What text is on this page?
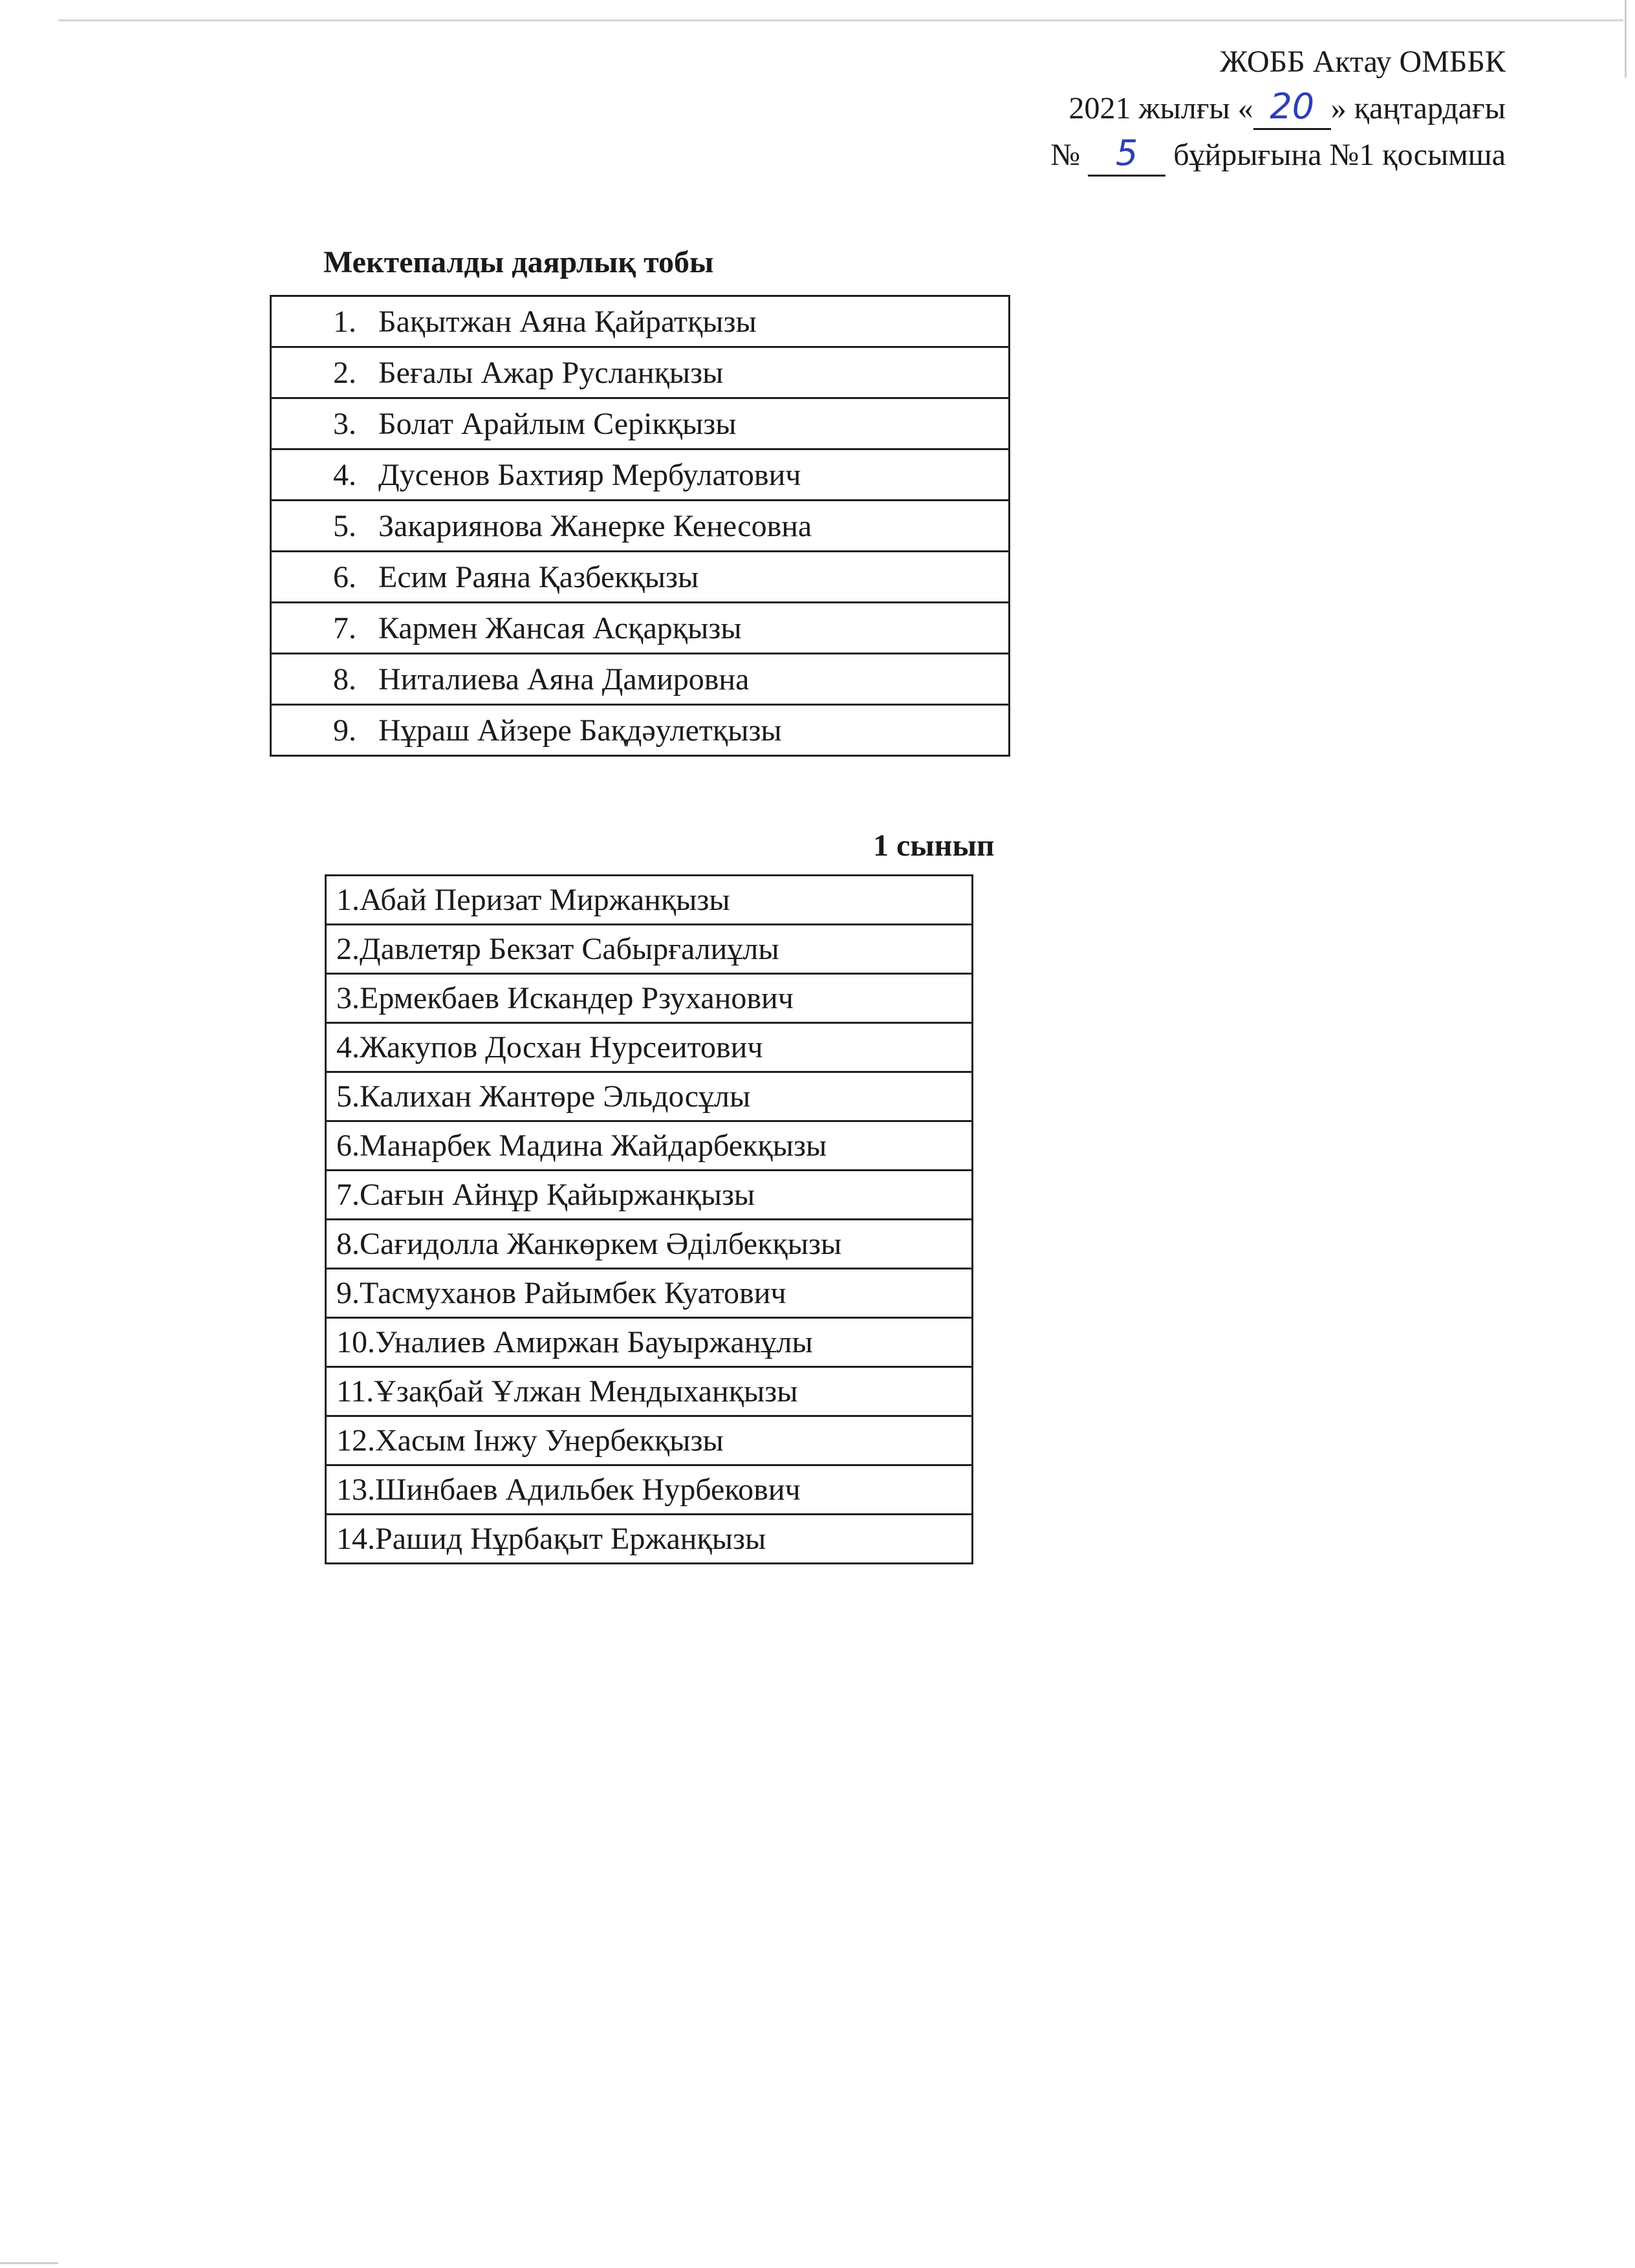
ЖОББ Актау ОМББК
2021 жылғы « 20 » қаңтардағы
№ 5 бұйрығына №1 қосымша
Мектепалды даярлық тобы
1. Бақытжан Аяна Қайратқызы
2. Беғалы Ажар Русланқызы
3. Болат Арайлым Серікқызы
4. Дусенов Бахтияр Мербулатович
5. Закариянова Жанерке Кенесовна
6. Есим Раяна Қазбекқызы
7. Кармен Жансая Асқарқызы
8. Ниталиева Аяна Дамировна
9. Нұраш Айзере Бақдәулетқызы
1 сынып
1.Абай Перизат Миржанқызы
2.Давлетяр Бекзат Сабырғалиұлы
3.Ермекбаев Искандер Рзуханович
4.Жакупов Досхан Нурсеитович
5.Калихан Жантөре Эльдосұлы
6.Манарбек Мадина Жайдарбекқызы
7.Сағын Айнұр Қайыржанқызы
8.Сағидолла Жанкөркем Әділбекқызы
9.Тасмуханов Райымбек Куатович
10.Уналиев Амиржан Бауыржанұлы
11.Ұзақбай Ұлжан Мендыханқызы
12.Хасым Інжу Унербекқызы
13.Шинбаев Адильбек Нурбекович
14.Рашид Нұрбақыт Ержанқызы
